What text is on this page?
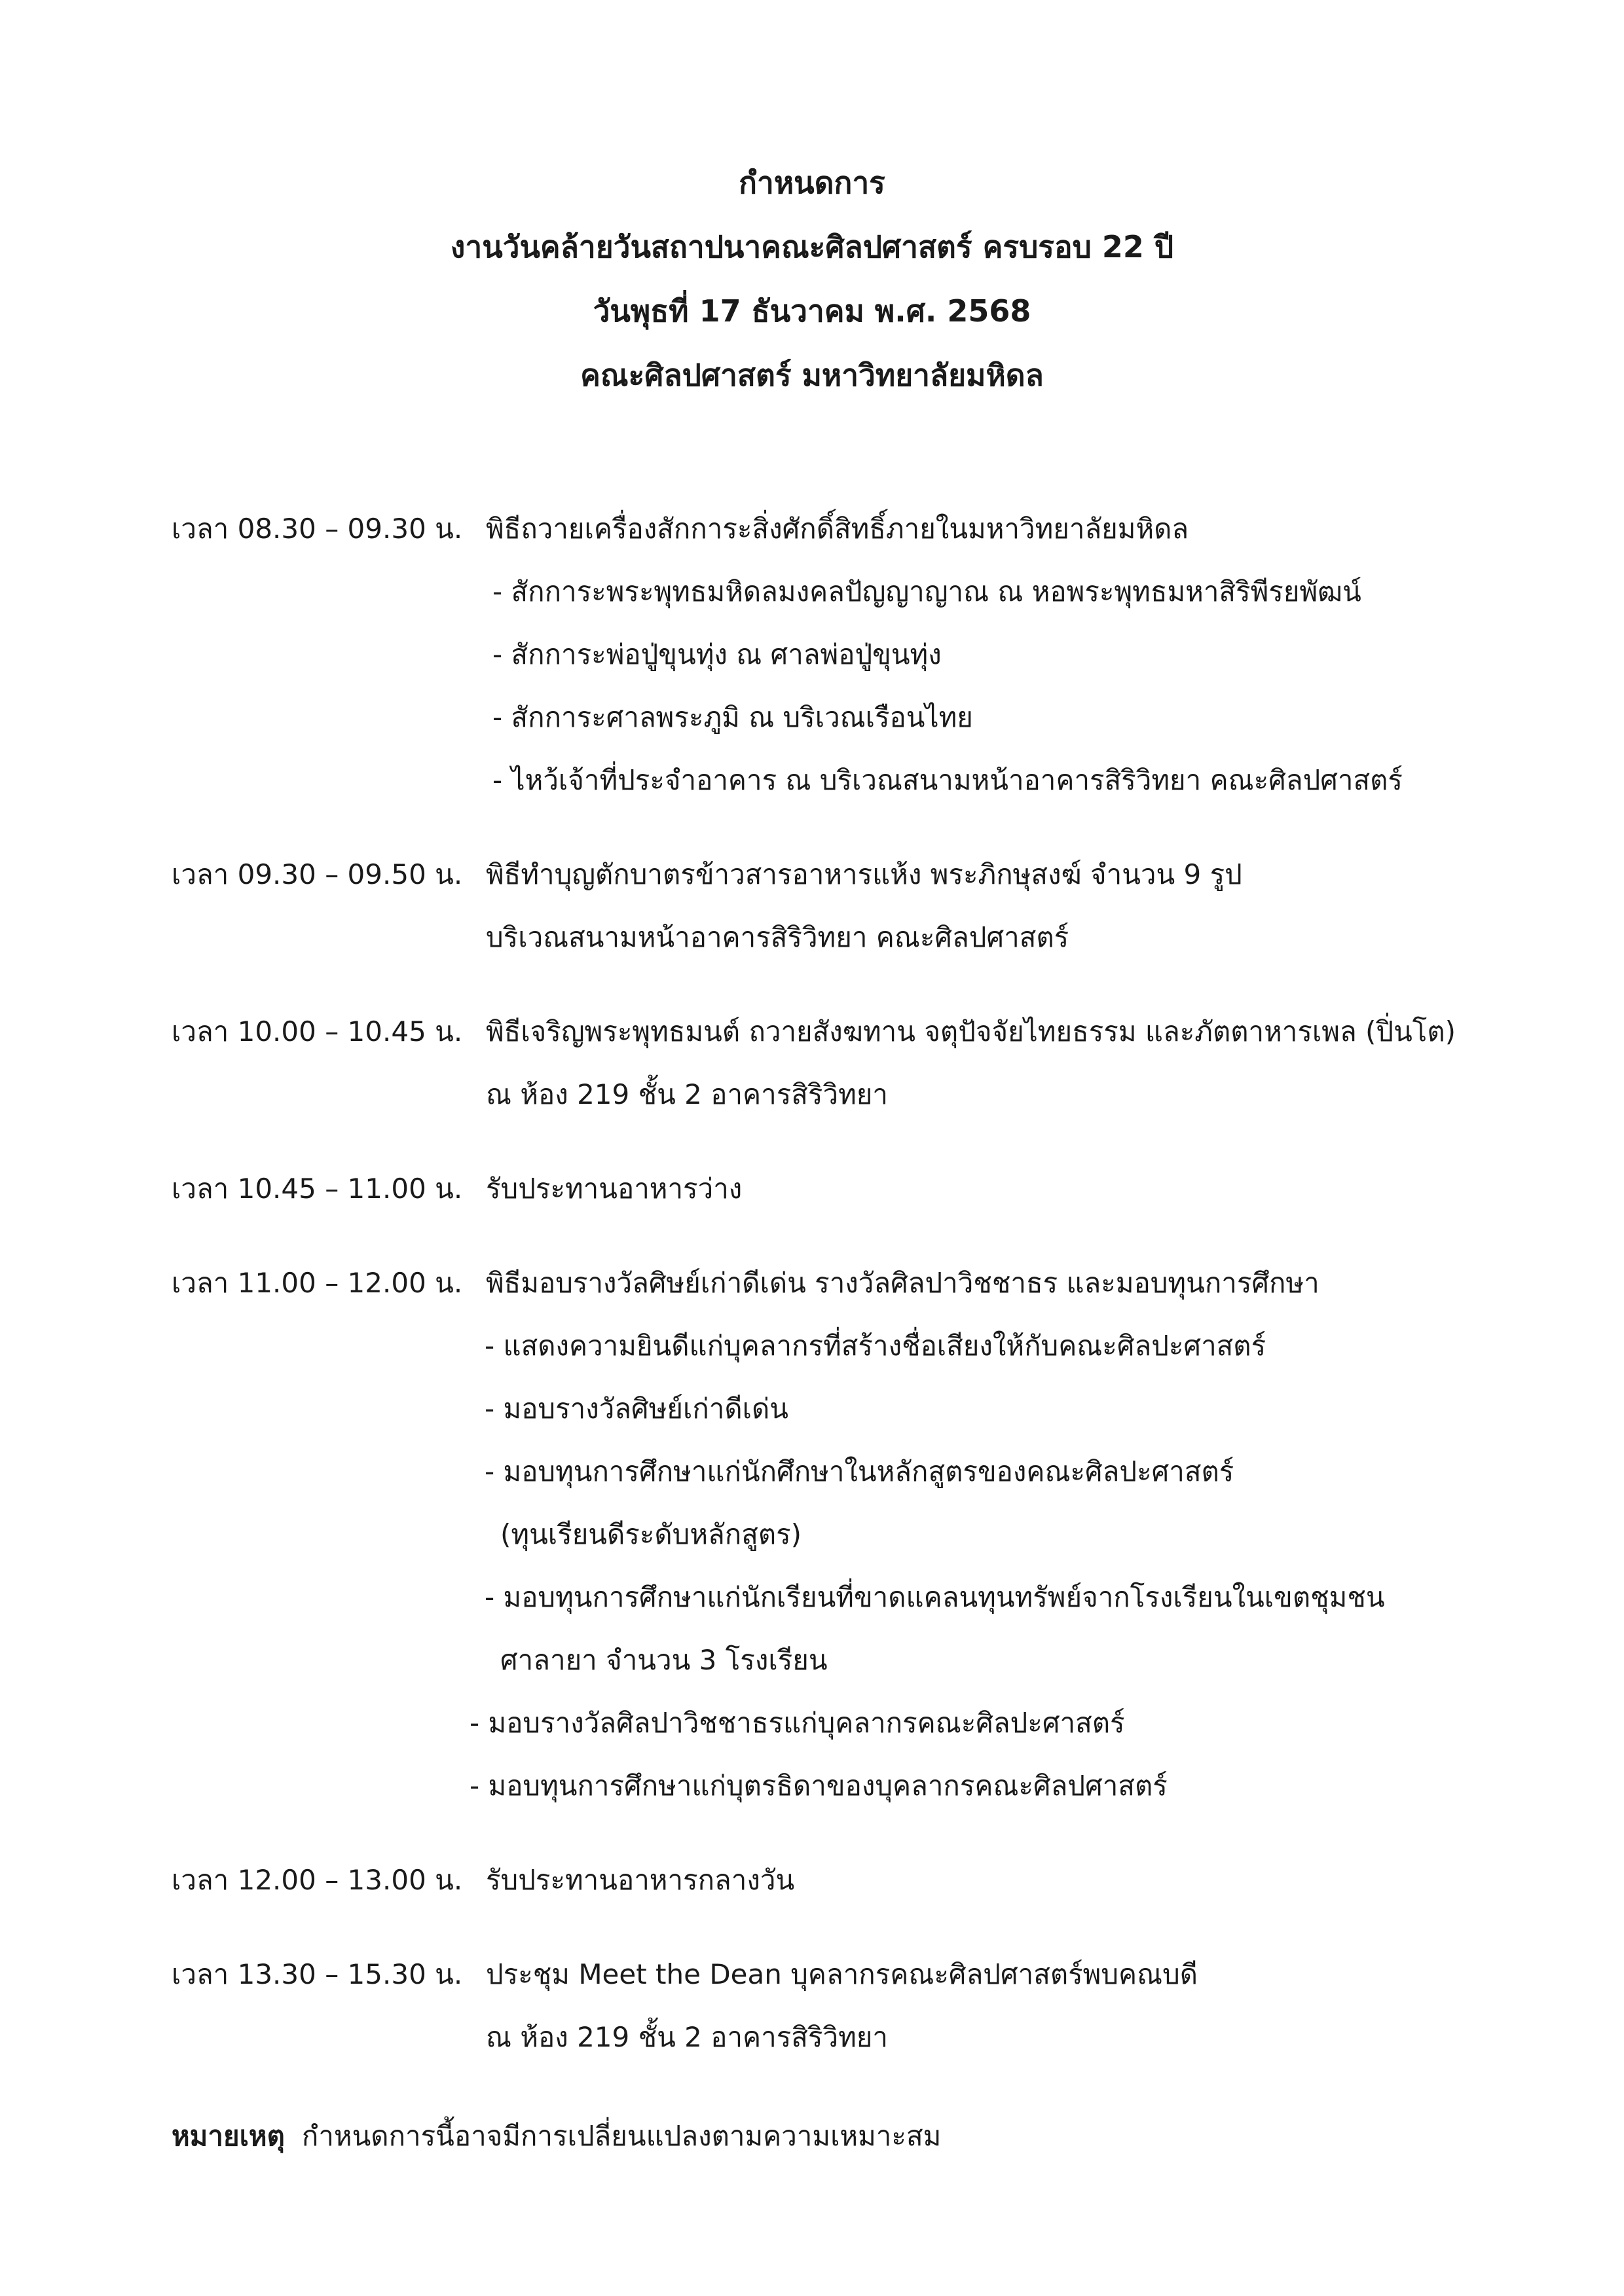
กำหนดการ
งานวันคล้ายวันสถาปนาคณะศิลปศาสตร์ ครบรอบ 22 ปี
วันพุธที่ 17 ธันวาคม พ.ศ. 2568
คณะศิลปศาสตร์ มหาวิทยาลัยมหิดล
เวลา 08.30 – 09.30 น. พิธีถวายเครื่องสักการะสิ่งศักดิ์สิทธิ์ภายในมหาวิทยาลัยมหิดล
- สักการะพระพุทธมหิดลมงคลปัญญาญาณ ณ หอพระพุทธมหาสิริพีรยพัฒน์
- สักการะพ่อปู่ขุนทุ่ง ณ ศาลพ่อปู่ขุนทุ่ง
- สักการะศาลพระภูมิ ณ บริเวณเรือนไทย
- ไหว้เจ้าที่ประจำอาคาร ณ บริเวณสนามหน้าอาคารสิริวิทยา คณะศิลปศาสตร์
เวลา 09.30 – 09.50 น. พิธีทำบุญตักบาตรข้าวสารอาหารแห้ง พระภิกษุสงฆ์ จำนวน 9 รูป
บริเวณสนามหน้าอาคารสิริวิทยา คณะศิลปศาสตร์
เวลา 10.00 – 10.45 น. พิธีเจริญพระพุทธมนต์ ถวายสังฆทาน จตุปัจจัยไทยธรรม และภัตตาหารเพล (ปิ่นโต)
ณ ห้อง 219 ชั้น 2 อาคารสิริวิทยา
เวลา 10.45 – 11.00 น. รับประทานอาหารว่าง
เวลา 11.00 – 12.00 น. พิธีมอบรางวัลศิษย์เก่าดีเด่น รางวัลศิลปาวิชชาธร และมอบทุนการศึกษา
- แสดงความยินดีแก่บุคลากรที่สร้างชื่อเสียงให้กับคณะศิลปะศาสตร์
- มอบรางวัลศิษย์เก่าดีเด่น
- มอบทุนการศึกษาแก่นักศึกษาในหลักสูตรของคณะศิลปะศาสตร์
(ทุนเรียนดีระดับหลักสูตร)
- มอบทุนการศึกษาแก่นักเรียนที่ขาดแคลนทุนทรัพย์จากโรงเรียนในเขตชุมชน
ศาลายา จำนวน 3 โรงเรียน
- มอบรางวัลศิลปาวิชชาธรแก่บุคลากรคณะศิลปะศาสตร์
- มอบทุนการศึกษาแก่บุตรธิดาของบุคลากรคณะศิลปศาสตร์
เวลา 12.00 – 13.00 น. รับประทานอาหารกลางวัน
เวลา 13.30 – 15.30 น. ประชุม Meet the Dean บุคลากรคณะศิลปศาสตร์พบคณบดี
ณ ห้อง 219 ชั้น 2 อาคารสิริวิทยา
หมายเหตุ กำหนดการนี้อาจมีการเปลี่ยนแปลงตามความเหมาะสม
